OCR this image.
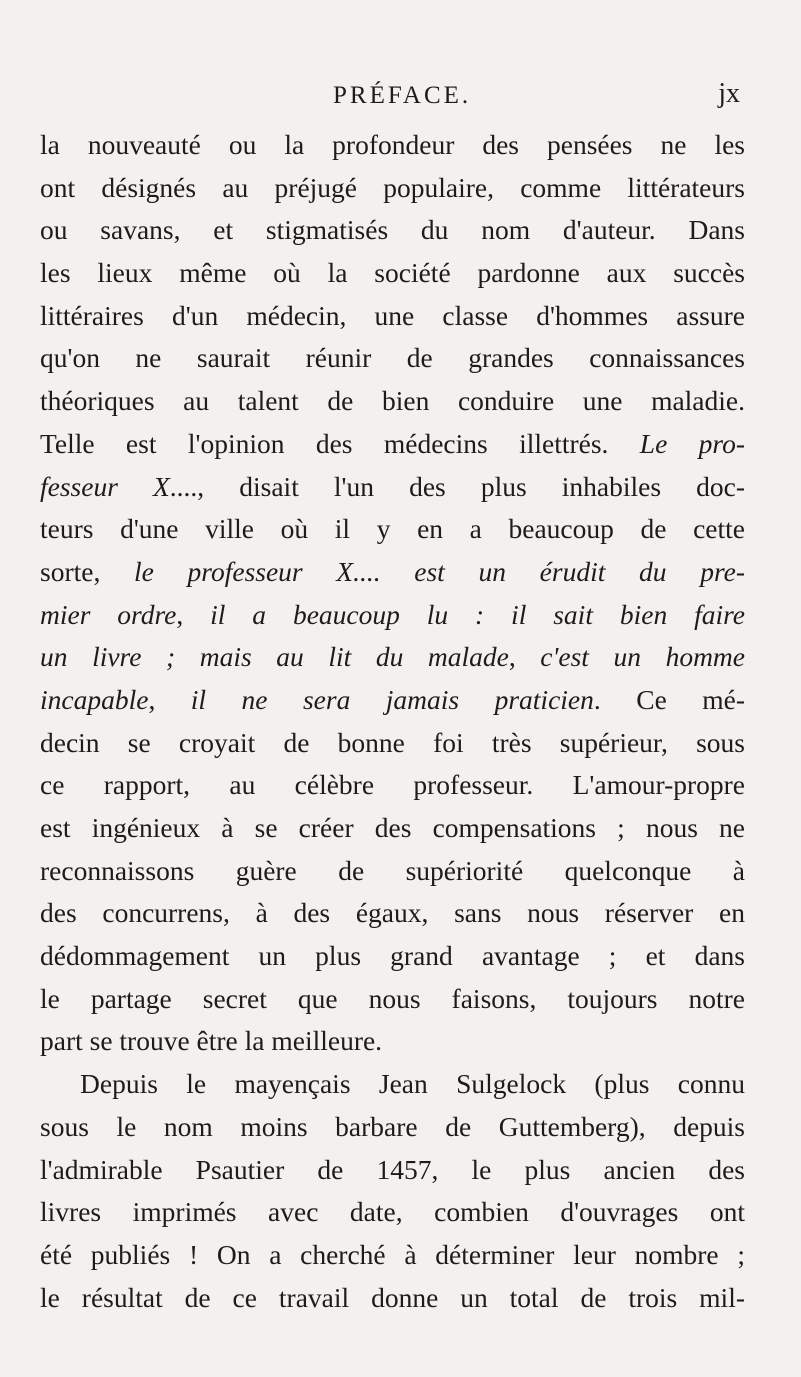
PRÉFACE.	jx
la nouveauté ou la profondeur des pensées ne les
ont désignés au préjugé populaire, comme littérateurs
ou savans, et stigmatisés du nom d'auteur. Dans
les lieux même où la société pardonne aux succès
littéraires d'un médecin, une classe d'hommes assure
qu'on ne saurait réunir de grandes connaissances
théoriques au talent de bien conduire une maladie.
Telle est l'opinion des médecins illettrés. Le pro-
fesseur X...., disait l'un des plus inhabiles doc-
teurs d'une ville où il y en a beaucoup de cette
sorte, le professeur X.... est un érudit du pre-
mier ordre, il a beaucoup lu : il sait bien faire
un livre ; mais au lit du malade, c'est un homme
incapable, il ne sera jamais praticien. Ce mé-
decin se croyait de bonne foi très supérieur, sous
ce rapport, au célèbre professeur. L'amour-propre
est ingénieux à se créer des compensations ; nous ne
reconnaissons guère de supériorité quelconque à
des concurrens, à des égaux, sans nous réserver en
dédommagement un plus grand avantage ; et dans
le partage secret que nous faisons, toujours notre
part se trouve être la meilleure.
Depuis le mayençais Jean Sulgelock (plus connu
sous le nom moins barbare de Guttemberg), depuis
l'admirable Psautier de 1457, le plus ancien des
livres imprimés avec date, combien d'ouvrages ont
été publiés ! On a cherché à déterminer leur nombre ;
le résultat de ce travail donne un total de trois mil-
